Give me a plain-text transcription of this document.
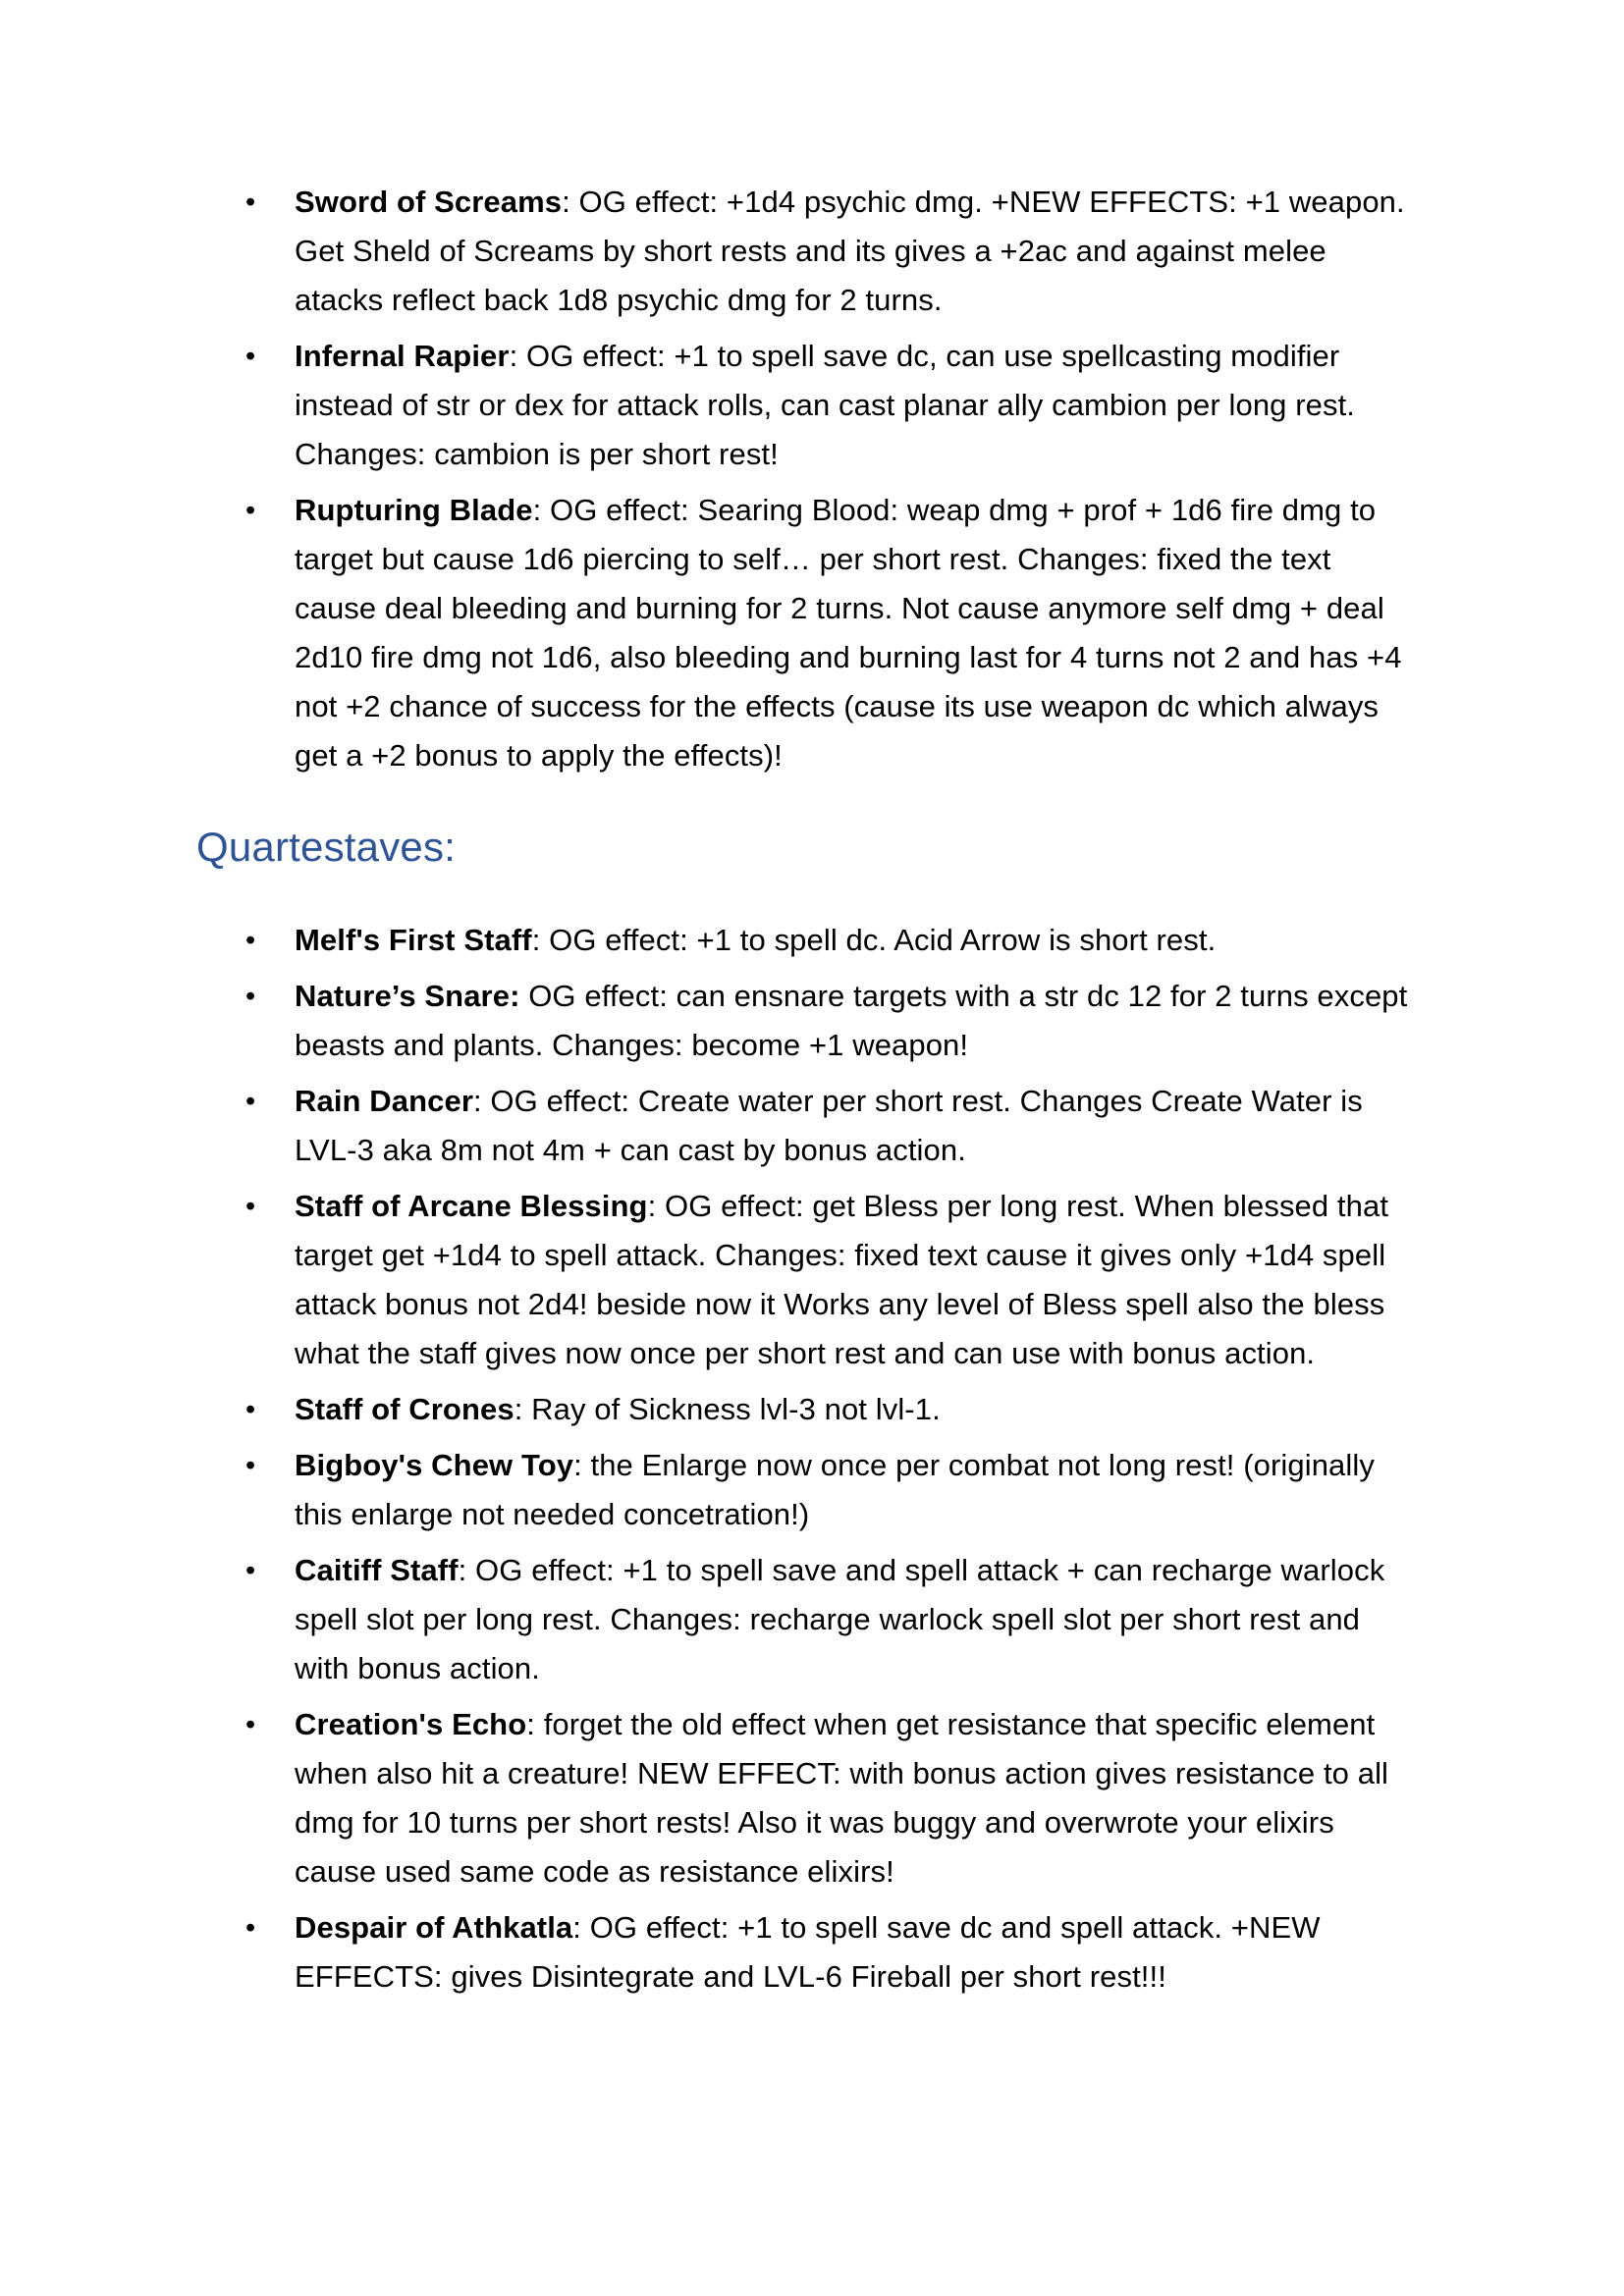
• Sword of Screams: OG effect: +1d4 psychic dmg. +NEW EFFECTS: +1 weapon. Get Sheld of Screams by short rests and its gives a +2ac and against melee atacks reflect back 1d8 psychic dmg for 2 turns.
• Infernal Rapier: OG effect: +1 to spell save dc, can use spellcasting modifier instead of str or dex for attack rolls, can cast planar ally cambion per long rest. Changes: cambion is per short rest!
• Rupturing Blade: OG effect: Searing Blood: weap dmg + prof + 1d6 fire dmg to target but cause 1d6 piercing to self… per short rest. Changes: fixed the text cause deal bleeding and burning for 2 turns. Not cause anymore self dmg + deal 2d10 fire dmg not 1d6, also bleeding and burning last for 4 turns not 2 and has +4 not +2 chance of success for the effects (cause its use weapon dc which always get a +2 bonus to apply the effects)!
Quartestaves:
• Melf's First Staff: OG effect: +1 to spell dc. Acid Arrow is short rest.
• Nature’s Snare: OG effect: can ensnare targets with a str dc 12 for 2 turns except beasts and plants. Changes: become +1 weapon!
• Rain Dancer: OG effect: Create water per short rest. Changes Create Water is LVL-3 aka 8m not 4m + can cast by bonus action.
• Staff of Arcane Blessing: OG effect: get Bless per long rest. When blessed that target get +1d4 to spell attack. Changes: fixed text cause it gives only +1d4 spell attack bonus not 2d4! beside now it Works any level of Bless spell also the bless what the staff gives now once per short rest and can use with bonus action.
• Staff of Crones: Ray of Sickness lvl-3 not lvl-1.
• Bigboy's Chew Toy: the Enlarge now once per combat not long rest! (originally this enlarge not needed concetration!)
• Caitiff Staff: OG effect: +1 to spell save and spell attack + can recharge warlock spell slot per long rest. Changes: recharge warlock spell slot per short rest and with bonus action.
• Creation's Echo: forget the old effect when get resistance that specific element when also hit a creature! NEW EFFECT: with bonus action gives resistance to all dmg for 10 turns per short rests! Also it was buggy and overwrote your elixirs cause used same code as resistance elixirs!
• Despair of Athkatla: OG effect: +1 to spell save dc and spell attack. +NEW EFFECTS: gives Disintegrate and LVL-6 Fireball per short rest!!!
